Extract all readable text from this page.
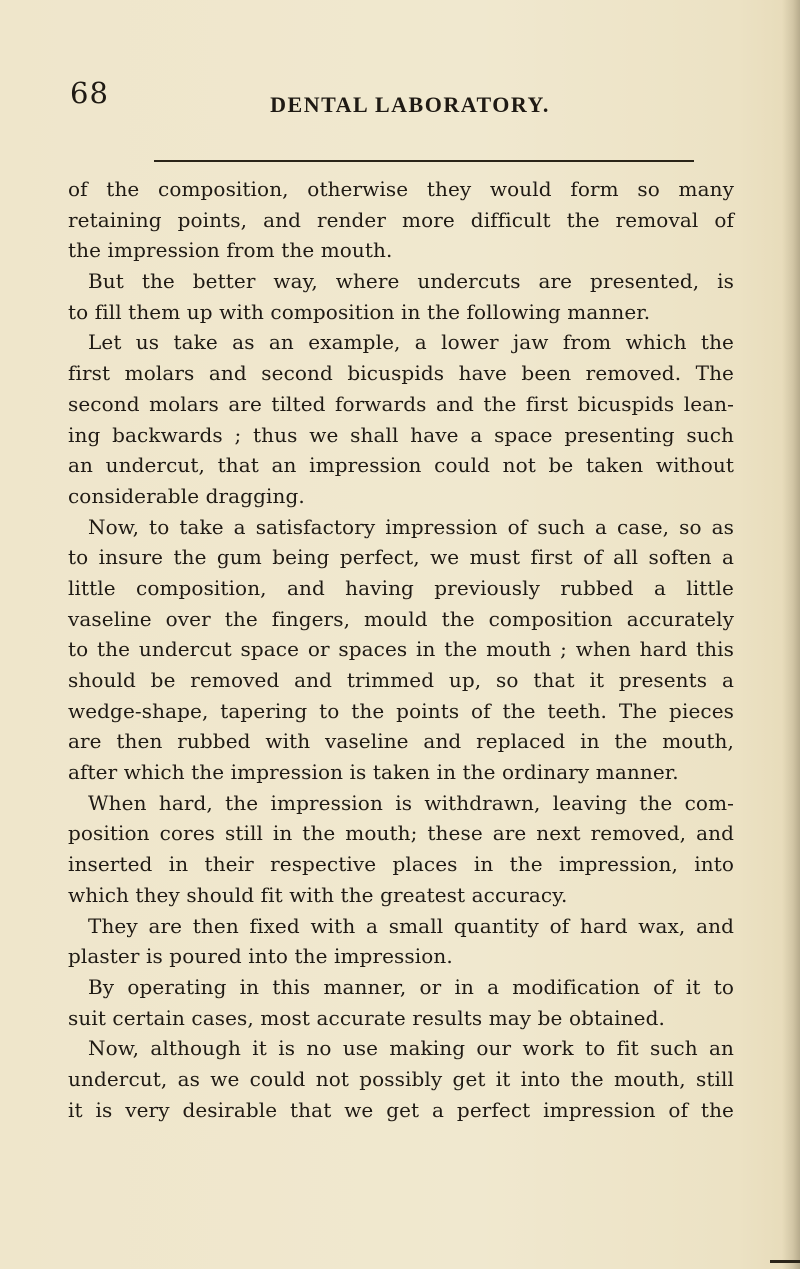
68	DENTAL LABORATORY.
of the composition, otherwise they would form so many
retaining points, and render more difficult the removal of
the impression from the mouth.
But the better way, where undercuts are presented, is
to fill them up with composition in the following manner.
Let us take as an example, a lower jaw from which the
first molars and second bicuspids have been removed. The
second molars are tilted forwards and the first bicuspids lean-
ing backwards ; thus we shall have a space presenting such
an undercut, that an impression could not be taken without
considerable dragging.
Now, to take a satisfactory impression of such a case, so as
to insure the gum being perfect, we must first of all soften a
little composition, and having previously rubbed a little
vaseline over the fingers, mould the composition accurately
to the undercut space or spaces in the mouth ; when hard this
should be removed and trimmed up, so that it presents a
wedge-shape, tapering to the points of the teeth. The pieces
are then rubbed with vaseline and replaced in the mouth,
after which the impression is taken in the ordinary manner.
When hard, the impression is withdrawn, leaving the com-
position cores still in the mouth; these are next removed, and
inserted in their respective places in the impression, into
which they should fit with the greatest accuracy.
They are then fixed with a small quantity of hard wax, and
plaster is poured into the impression.
By operating in this manner, or in a modification of it to
suit certain cases, most accurate results may be obtained.
Now, although it is no use making our work to fit such an
undercut, as we could not possibly get it into the mouth, still
it is very desirable that we get a perfect impression of the
